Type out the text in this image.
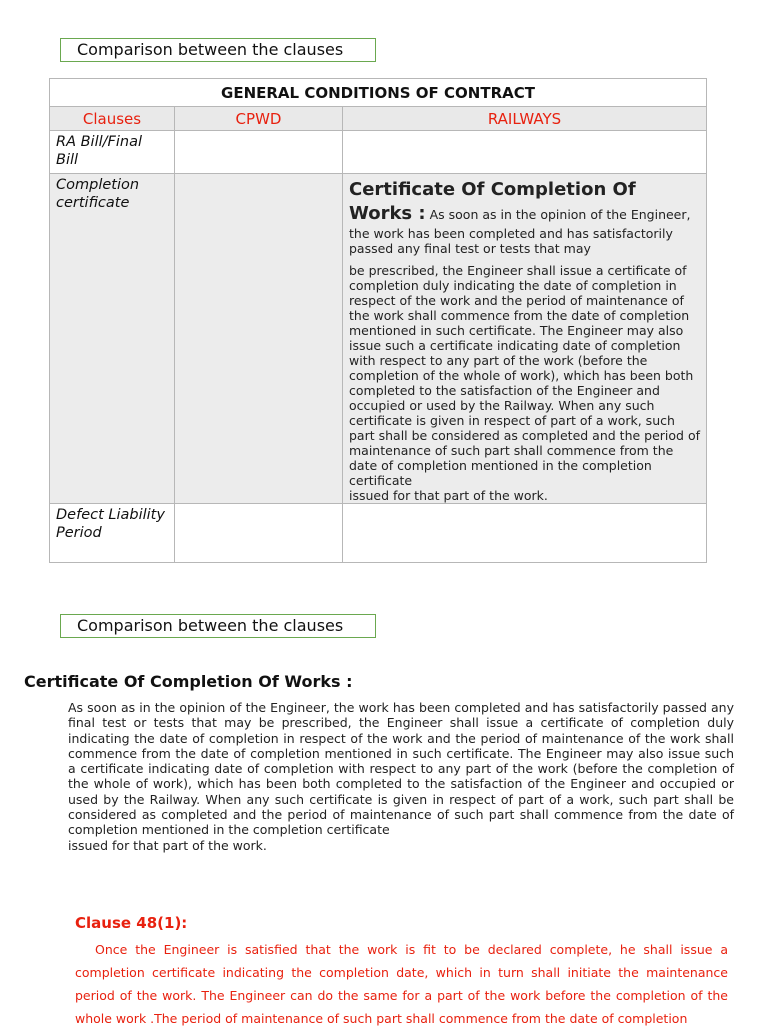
Comparison between the clauses
GENERAL CONDITIONS OF CONTRACT		
Clauses	CPWD	RAILWAYS

RA Bill/Final Bill		

Completion certificate		Certificate Of Completion Of Works : As soon as in the opinion of the Engineer, the work has been completed and has satisfactorily passed any final test or tests that may

be prescribed, the Engineer shall issue a certificate of completion duly indicating the date of completion in respect of the work and the period of maintenance of the work shall commence from the date of completion mentioned in such certificate. The Engineer may also issue such a certificate indicating date of completion with respect to any part of the work (before the completion of the whole of work), which has been both completed to the satisfaction of the Engineer and occupied or used by the Railway. When any such certificate is given in respect of part of a work, such part shall be considered as completed and the period of maintenance of such part shall commence from the date of completion mentioned in the completion certificate

issued for that part of the work.

Defect Liability Period		

Comparison between the clauses
Certificate Of Completion Of Works :

As soon as in the opinion of the Engineer, the work has been completed and has satisfactorily passed any final test or tests that may be prescribed, the Engineer shall issue a certificate of completion duly indicating the date of completion in respect of the work and the period of maintenance of the work shall commence from the date of completion mentioned in such certificate. The Engineer may also issue such a certificate indicating date of completion with respect to any part of the work (before the completion of the whole of work), which has been both completed to the satisfaction of the Engineer and occupied or used by the Railway. When any such certificate is given in respect of part of a work, such part shall be considered as completed and the period of maintenance of such part shall commence from the date of completion mentioned in the completion certificate

issued for that part of the work.

Clause 48(1):
Once the Engineer is satisfied that the work is fit to be declared complete, he shall issue a completion certificate indicating the completion date, which in turn shall initiate the maintenance period of the work. The Engineer can do the same for a part of the work before the completion of the whole work .The period of maintenance of such part shall commence from the date of completion
